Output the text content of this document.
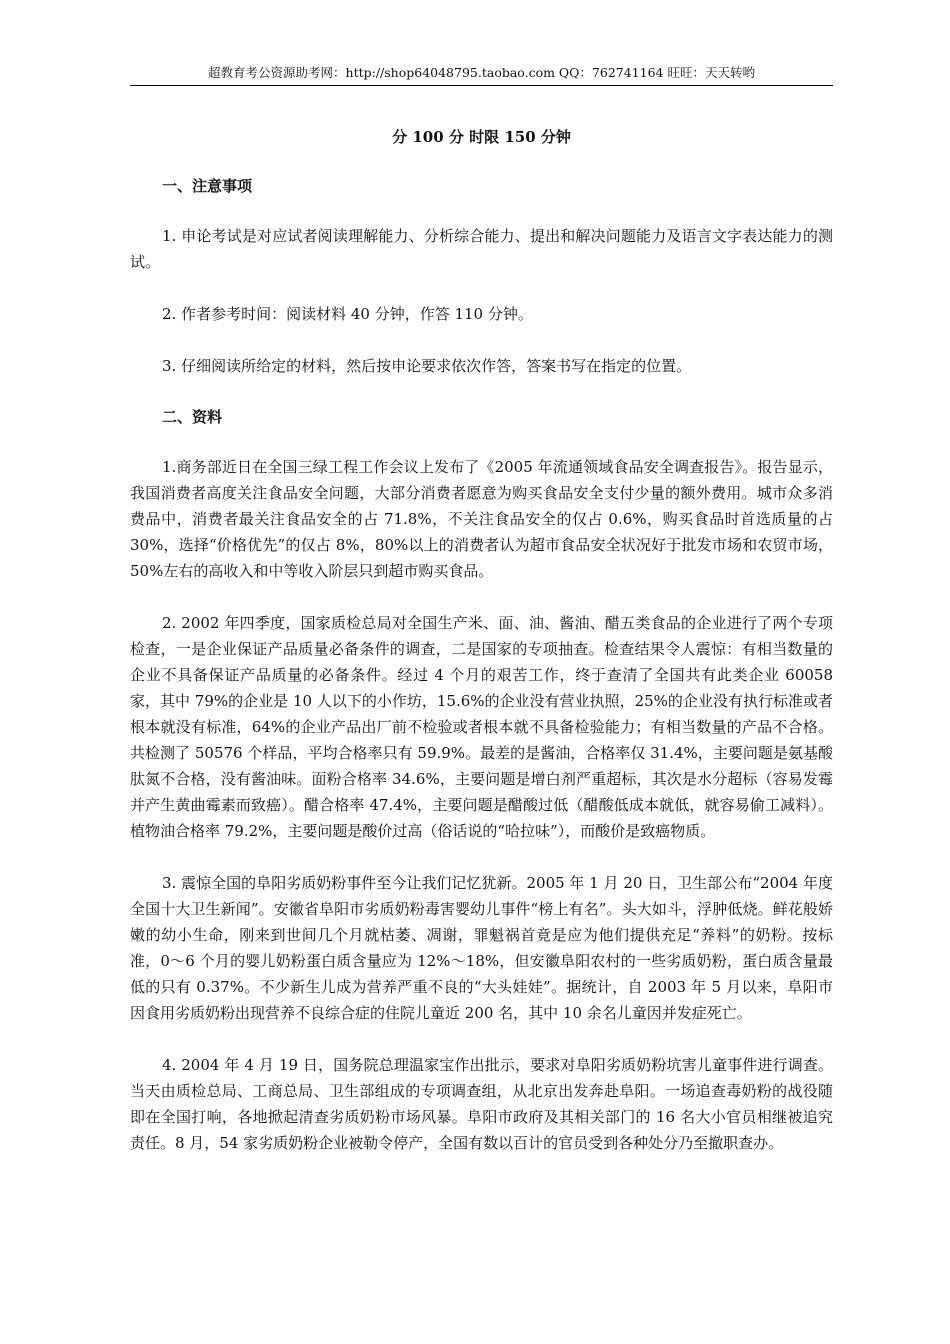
超教育考公资源助考网：http://shop64048795.taobao.com QQ：762741164 旺旺：天天转哟
分 100 分 时限 150 分钟
一、注意事项

1. 申论考试是对应试者阅读理解能力、分析综合能力、提出和解决问题能力及语言文字表达能力的测试。

2. 作者参考时间：阅读材料 40 分钟，作答 110 分钟。

3. 仔细阅读所给定的材料，然后按申论要求依次作答，答案书写在指定的位置。

二、资料

1.商务部近日在全国三绿工程工作会议上发布了《2005 年流通领域食品安全调查报告》。报告显示，我国消费者高度关注食品安全问题，大部分消费者愿意为购买食品安全支付少量的额外费用。城市众多消费品中，消费者最关注食品安全的占 71.8%，不关注食品安全的仅占 0.6%，购买食品时首选质量的占 30%，选择“价格优先”的仅占 8%，80%以上的消费者认为超市食品安全状况好于批发市场和农贸市场，50%左右的高收入和中等收入阶层只到超市购买食品。

2. 2002 年四季度，国家质检总局对全国生产米、面、油、酱油、醋五类食品的企业进行了两个专项检查，一是企业保证产品质量必备条件的调查，二是国家的专项抽查。检查结果令人震惊：有相当数量的企业不具备保证产品质量的必备条件。经过 4 个月的艰苦工作，终于查清了全国共有此类企业 60058 家，其中 79%的企业是 10 人以下的小作坊，15.6%的企业没有营业执照，25%的企业没有执行标准或者根本就没有标准，64%的企业产品出厂前不检验或者根本就不具备检验能力；有相当数量的产品不合格。共检测了 50576 个样品，平均合格率只有 59.9%。最差的是酱油，合格率仅 31.4%，主要问题是氨基酸肽氮不合格，没有酱油味。面粉合格率 34.6%，主要问题是增白剂严重超标，其次是水分超标（容易发霉并产生黄曲霉素而致癌）。醋合格率 47.4%，主要问题是醋酸过低（醋酸低成本就低，就容易偷工减料）。植物油合格率 79.2%，主要问题是酸价过高（俗话说的“哈拉味”），而酸价是致癌物质。

3. 震惊全国的阜阳劣质奶粉事件至今让我们记忆犹新。2005 年 1 月 20 日，卫生部公布“2004 年度全国十大卫生新闻”。安徽省阜阳市劣质奶粉毒害婴幼儿事件“榜上有名”。头大如斗，浮肿低烧。鲜花般娇嫩的幼小生命，刚来到世间几个月就枯萎、凋谢，罪魁祸首竟是应为他们提供充足“养料”的奶粉。按标准，0～6 个月的婴儿奶粉蛋白质含量应为 12%～18%，但安徽阜阳农村的一些劣质奶粉，蛋白质含量最低的只有 0.37%。不少新生儿成为营养严重不良的“大头娃娃”。据统计，自 2003 年 5 月以来，阜阳市因食用劣质奶粉出现营养不良综合症的住院儿童近 200 名，其中 10 余名儿童因并发症死亡。

4. 2004 年 4 月 19 日，国务院总理温家宝作出批示，要求对阜阳劣质奶粉坑害儿童事件进行调查。当天由质检总局、工商总局、卫生部组成的专项调查组，从北京出发奔赴阜阳。一场追查毒奶粉的战役随即在全国打响，各地掀起清查劣质奶粉市场风暴。阜阳市政府及其相关部门的 16 名大小官员相继被追究责任。8 月，54 家劣质奶粉企业被勒令停产，全国有数以百计的官员受到各种处分乃至撤职查办。
